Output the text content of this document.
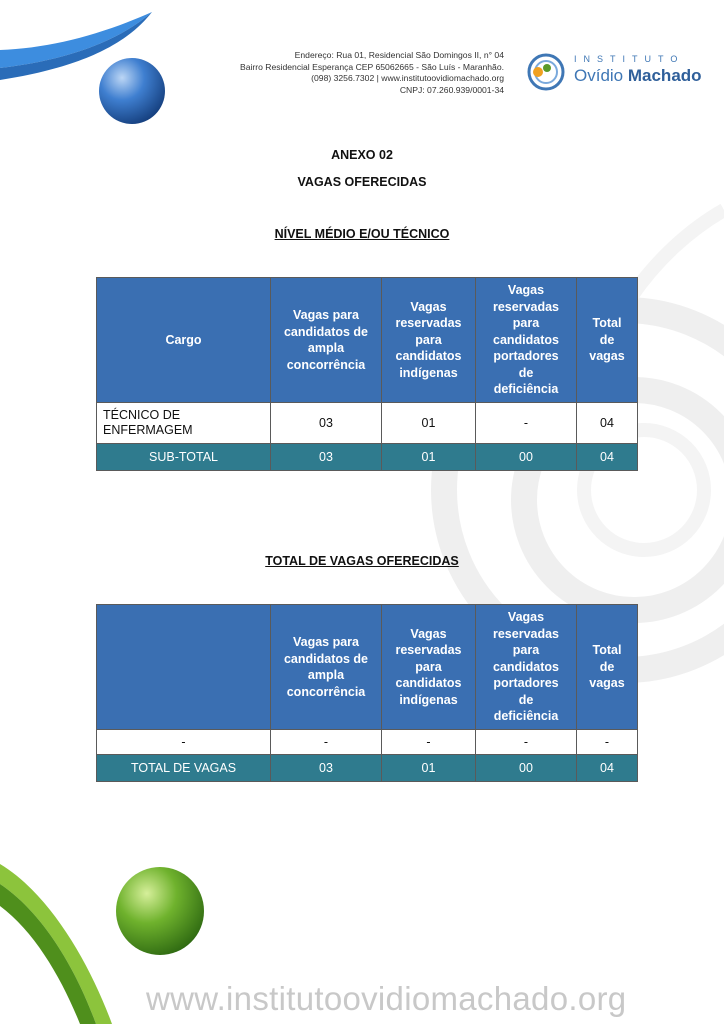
Endereço: Rua 01, Residencial São Domingos II, n° 04
Bairro Residencial Esperança CEP 65062665 - São Luís - Maranhão.
(098) 3256.7302 | www.institutoovidiomachado.org
CNPJ: 07.260.939/0001-34
INSTITUTO
Ovídio Machado
ANEXO 02
VAGAS OFERECIDAS
NÍVEL MÉDIO E/OU TÉCNICO
Cargo	Vagas para candidatos de ampla concorrência	Vagas reservadas para candidatos indígenas	Vagas reservadas para candidatos portadores de deficiência	Total de vagas
TÉCNICO DE ENFERMAGEM	03	01	-	04
SUB-TOTAL	03	01	00	04
TOTAL DE VAGAS OFERECIDAS
	Vagas para candidatos de ampla concorrência	Vagas reservadas para candidatos indígenas	Vagas reservadas para candidatos portadores de deficiência	Total de vagas
-	-	-	-	-
TOTAL DE VAGAS	03	01	00	04
www.institutoovidiomachado.org
